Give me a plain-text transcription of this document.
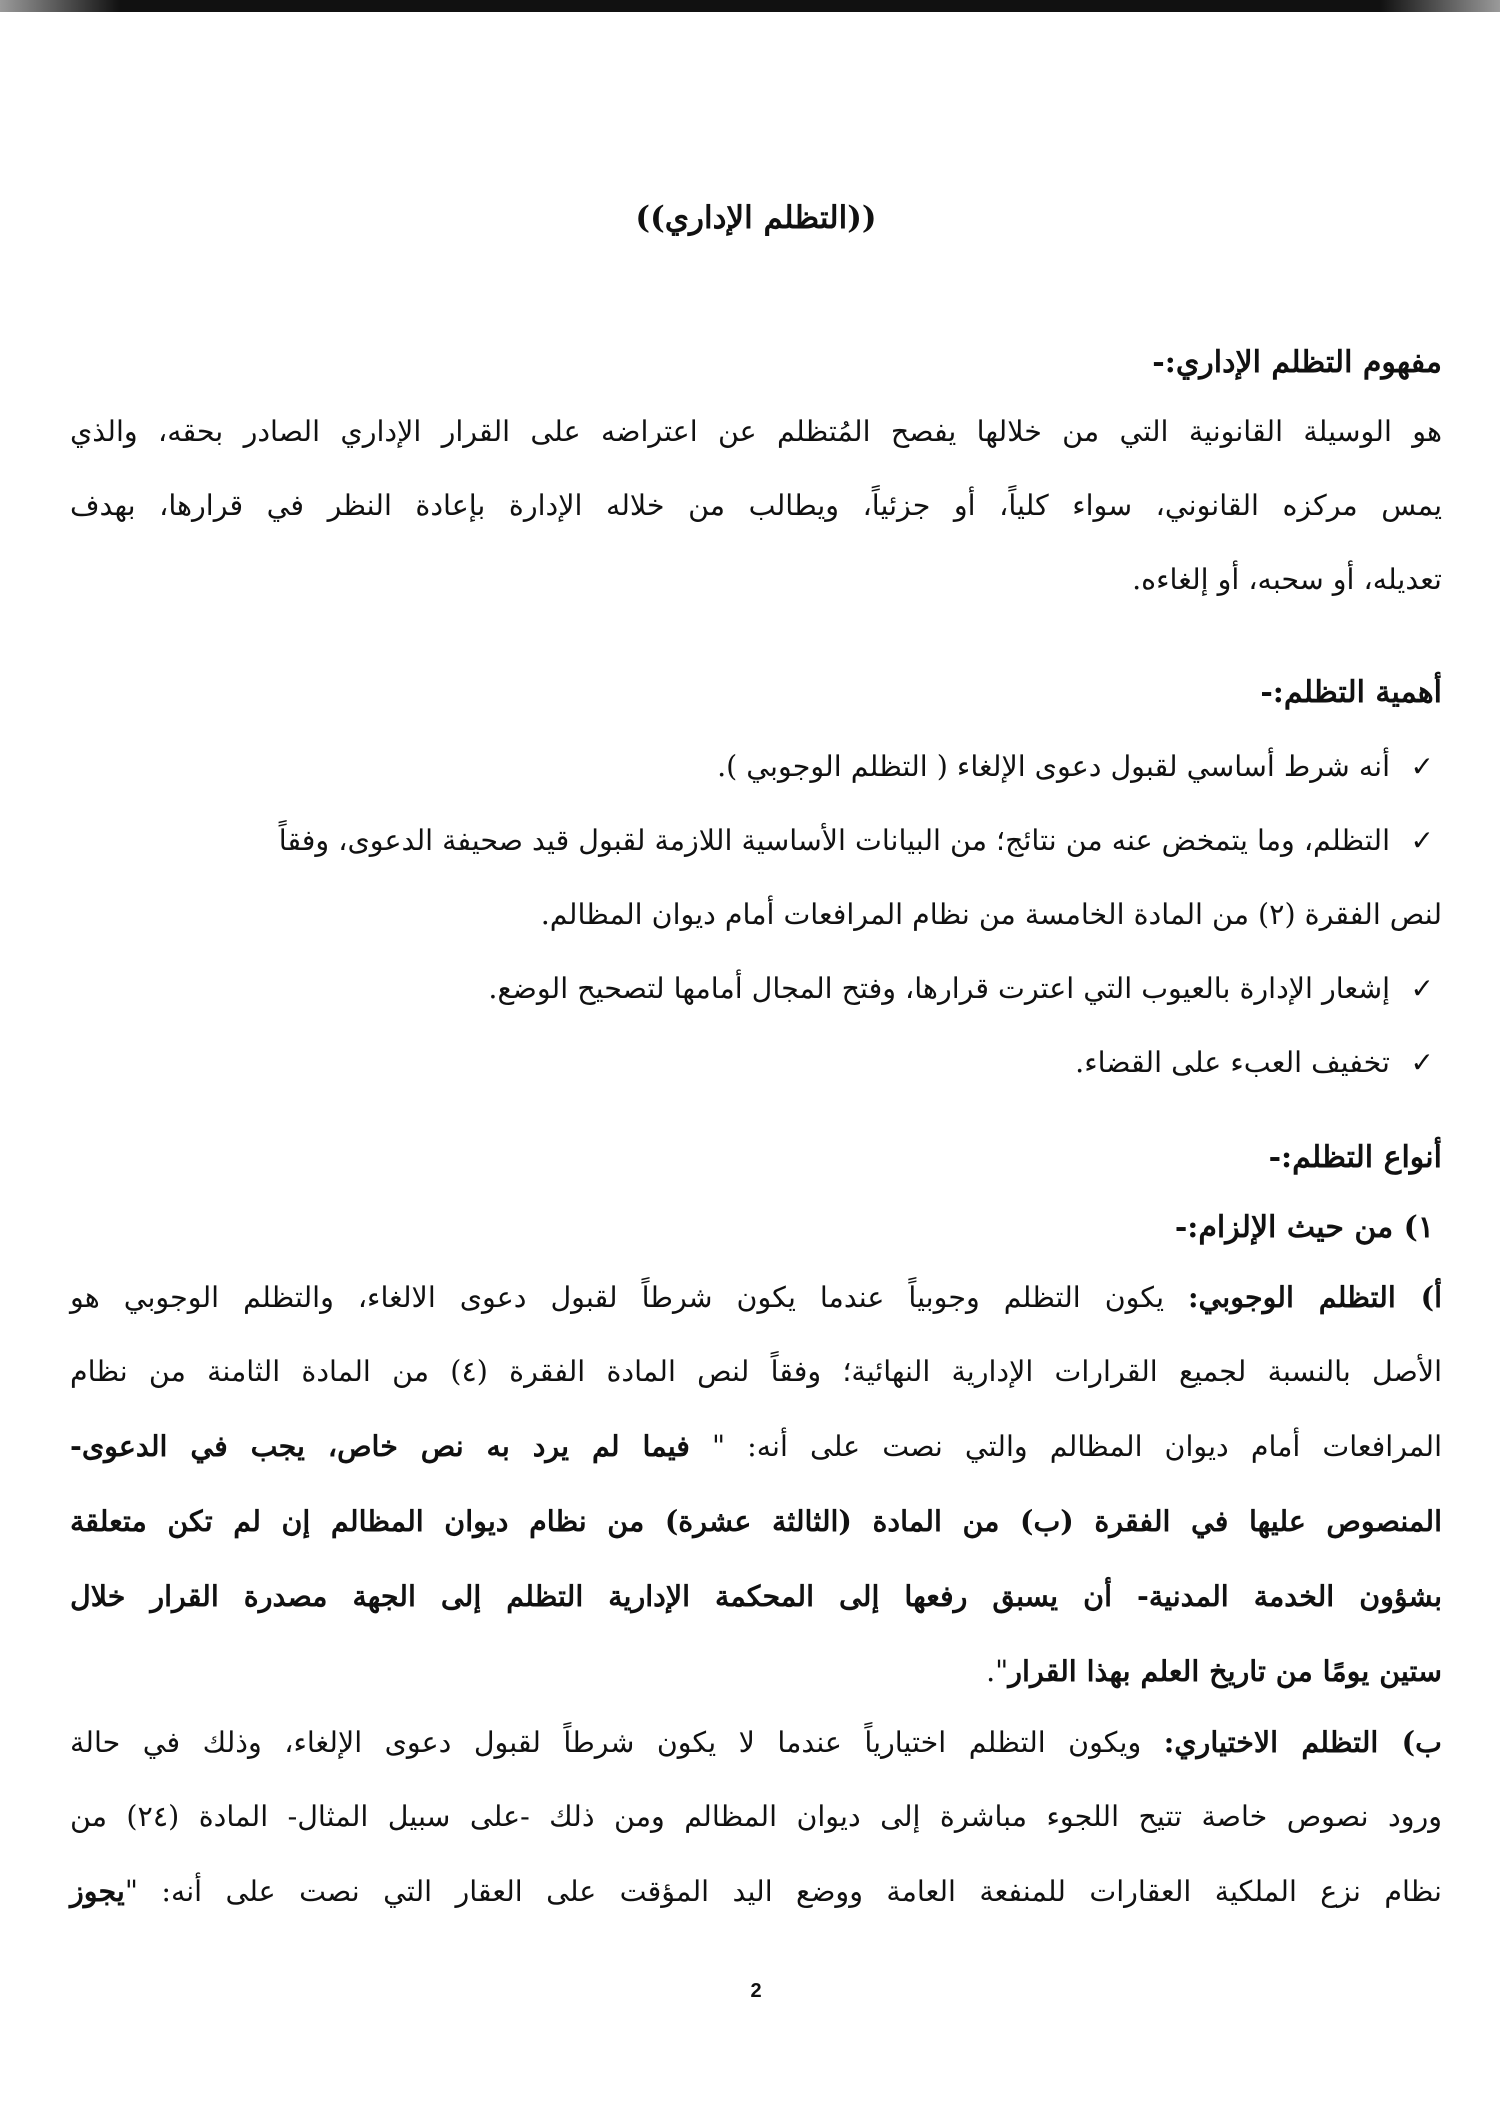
((التظلم الإداري))
مفهوم التظلم الإداري:-
هو الوسيلة القانونية التي من خلالها يفصح المُتظلم عن اعتراضه على القرار الإداري الصادر بحقه، والذي
يمس مركزه القانوني، سواء كلياً، أو جزئياً، ويطالب من خلاله الإدارة بإعادة النظر في قرارها، بهدف
تعديله، أو سحبه، أو إلغاءه.
أهمية التظلم:-
✓
أنه شرط أساسي لقبول دعوى الإلغاء ( التظلم الوجوبي ).
✓
التظلم، وما يتمخض عنه من نتائج؛ من البيانات الأساسية اللازمة لقبول قيد صحيفة الدعوى، وفقاً
لنص الفقرة (٢) من المادة الخامسة من نظام المرافعات أمام ديوان المظالم.
✓
إشعار الإدارة بالعيوب التي اعترت قرارها، وفتح المجال أمامها لتصحيح الوضع.
✓
تخفيف العبء على القضاء.
أنواع التظلم:-
١) من حيث الإلزام:-
أ) التظلم الوجوبي: يكون التظلم وجوبياً عندما يكون شرطاً لقبول دعوى الالغاء، والتظلم الوجوبي هو
الأصل بالنسبة لجميع القرارات الإدارية النهائية؛ وفقاً لنص المادة الفقرة (٤) من المادة الثامنة من نظام
المرافعات أمام ديوان المظالم والتي نصت على أنه: " فيما لم يرد به نص خاص، يجب في الدعوى-
المنصوص عليها في الفقرة (ب) من المادة (الثالثة عشرة) من نظام ديوان المظالم إن لم تكن متعلقة
بشؤون الخدمة المدنية- أن يسبق رفعها إلى المحكمة الإدارية التظلم إلى الجهة مصدرة القرار خلال
ستين يومًا من تاريخ العلم بهذا القرار".
ب) التظلم الاختياري: ويكون التظلم اختيارياً عندما لا يكون شرطاً لقبول دعوى الإلغاء، وذلك في حالة
ورود نصوص خاصة تتيح اللجوء مباشرة إلى ديوان المظالم ومن ذلك -على سبيل المثال- المادة (٢٤) من
نظام نزع الملكية العقارات للمنفعة العامة ووضع اليد المؤقت على العقار التي نصت على أنه: "يجوز
2
